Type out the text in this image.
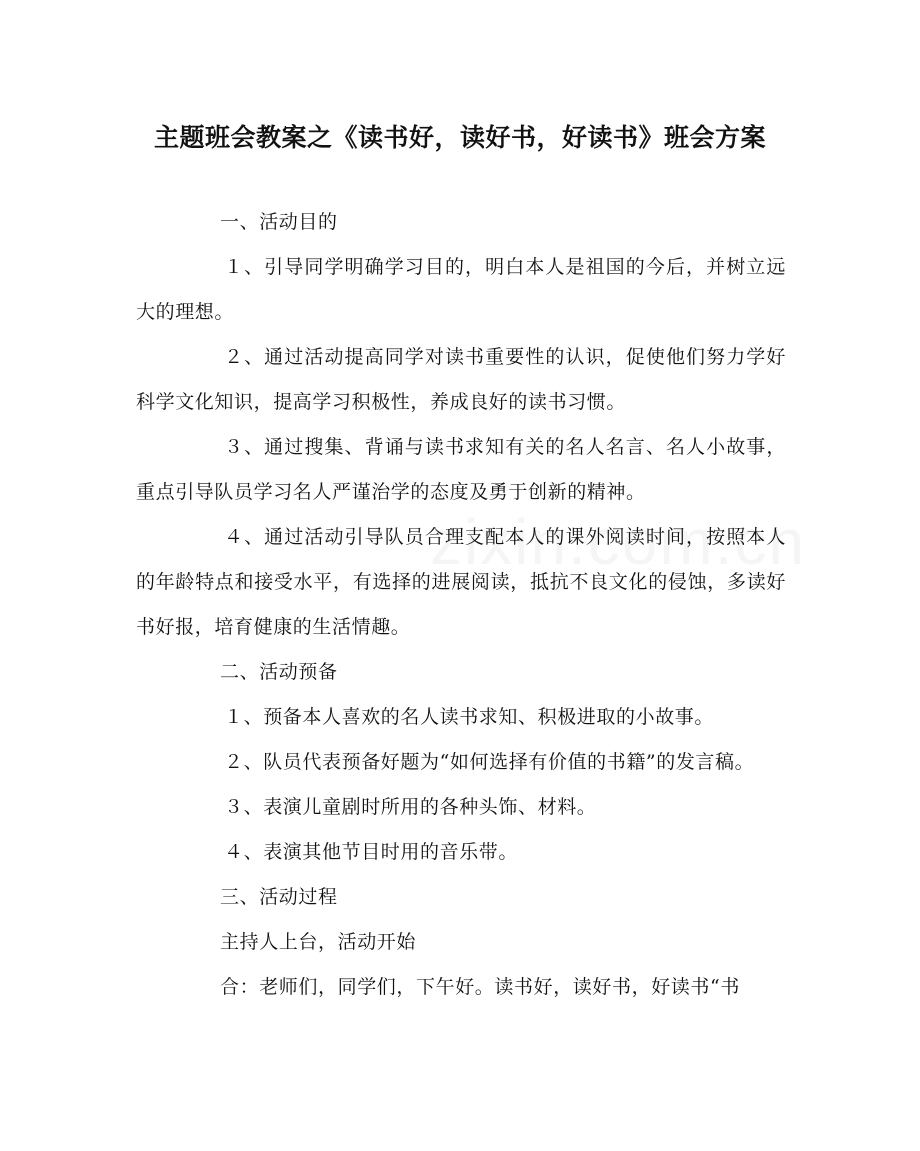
主题班会教案之《读书好，读好书，好读书》班会方案

一、活动目的

１、引导同学明确学习目的，明白本人是祖国的今后，并树立远大的理想。

２、通过活动提高同学对读书重要性的认识，促使他们努力学好科学文化知识，提高学习积极性，养成良好的读书习惯。

３、通过搜集、背诵与读书求知有关的名人名言、名人小故事，重点引导队员学习名人严谨治学的态度及勇于创新的精神。

４、通过活动引导队员合理支配本人的课外阅读时间，按照本人的年龄特点和接受水平，有选择的进展阅读，抵抗不良文化的侵蚀，多读好书好报，培育健康的生活情趣。

二、活动预备

１、预备本人喜欢的名人读书求知、积极进取的小故事。

２、队员代表预备好题为“如何选择有价值的书籍”的发言稿。

３、表演儿童剧时所用的各种头饰、材料。

４、表演其他节目时用的音乐带。

三、活动过程

主持人上台，活动开始

合：老师们，同学们，下午好。读书好，读好书，好读书“书
